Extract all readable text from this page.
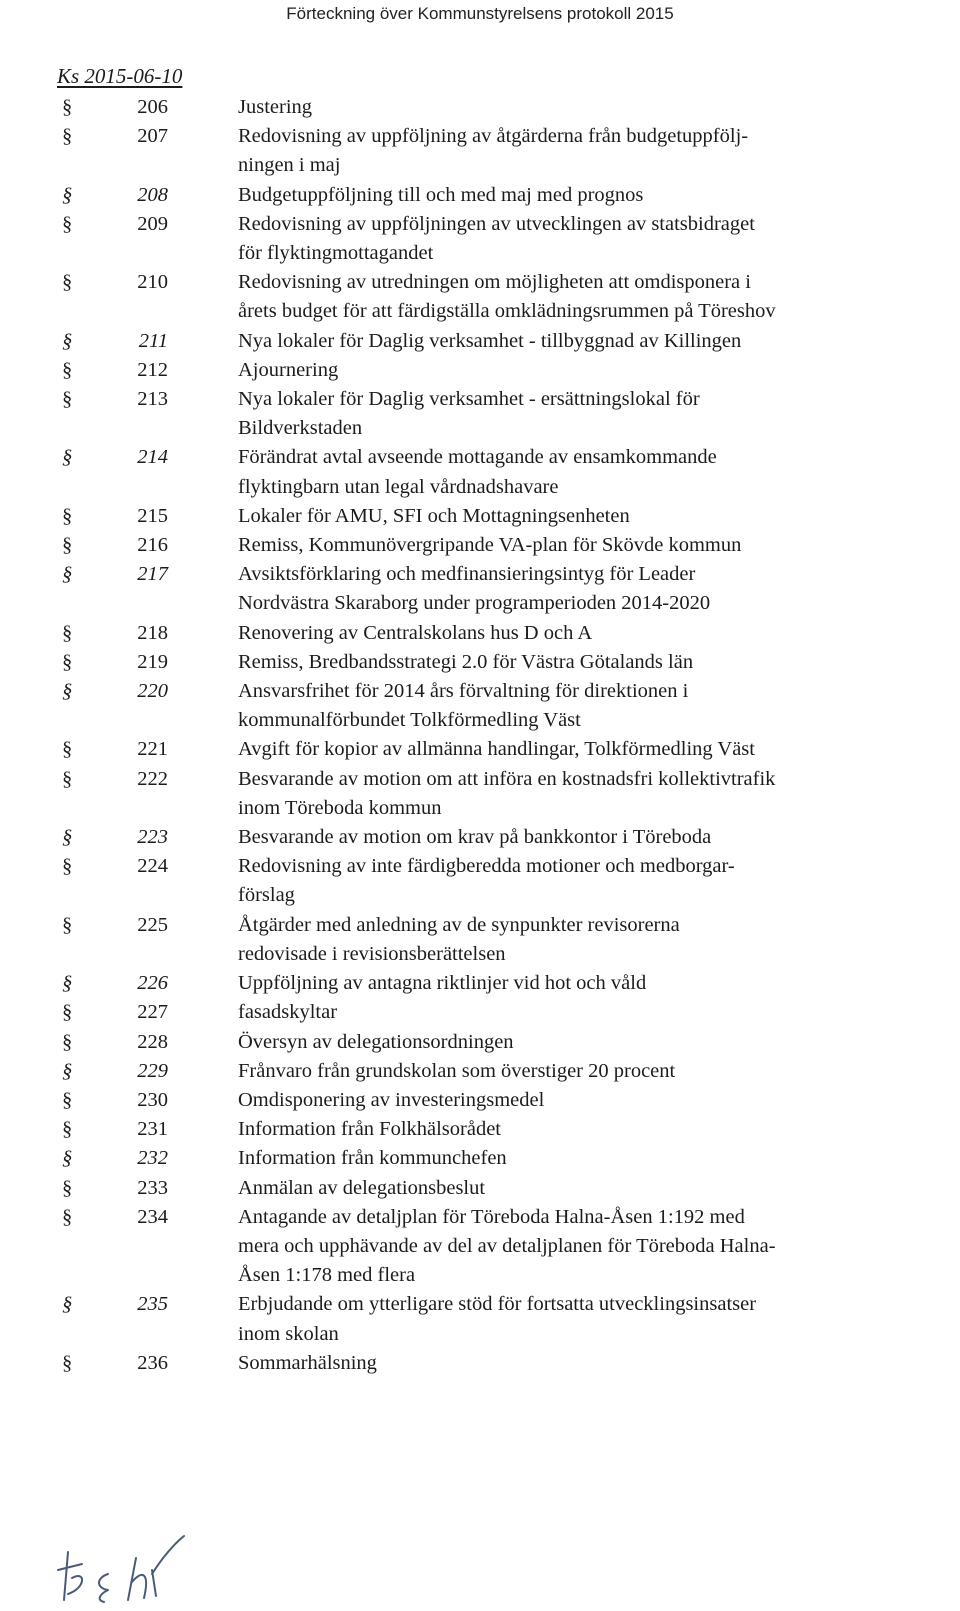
Förteckning över Kommunstyrelsens protokoll 2015
Ks 2015-06-10
§	206	Justering
§	207	Redovisning av uppföljning av åtgärderna från budgetuppfölj-
ningen i maj
§	208	Budgetuppföljning till och med maj med prognos
§	209	Redovisning av uppföljningen av utvecklingen av statsbidraget
för flyktingmottagandet
§	210	Redovisning av utredningen om möjligheten att omdisponera i
årets budget för att färdigställa omklädningsrummen på Töreshov
§	211	Nya lokaler för Daglig verksamhet - tillbyggnad av Killingen
§	212	Ajournering
§	213	Nya lokaler för Daglig verksamhet - ersättningslokal för
Bildverkstaden
§	214	Förändrat avtal avseende mottagande av ensamkommande
flyktingbarn utan legal vårdnadshavare
§	215	Lokaler för AMU, SFI och Mottagningsenheten
§	216	Remiss, Kommunövergripande VA-plan för Skövde kommun
§	217	Avsiktsförklaring och medfinansieringsintyg för Leader
Nordvästra Skaraborg under programperioden 2014-2020
§	218	Renovering av Centralskolans hus D och A
§	219	Remiss, Bredbandsstrategi 2.0 för Västra Götalands län
§	220	Ansvarsfrihet för 2014 års förvaltning för direktionen i
kommunalförbundet Tolkförmedling Väst
§	221	Avgift för kopior av allmänna handlingar, Tolkförmedling Väst
§	222	Besvarande av motion om att införa en kostnadsfri kollektivtrafik
inom Töreboda kommun
§	223	Besvarande av motion om krav på bankkontor i Töreboda
§	224	Redovisning av inte färdigberedda motioner och medborgar-
förslag
§	225	Åtgärder med anledning av de synpunkter revisorerna
redovisade i revisionsberättelsen
§	226	Uppföljning av antagna riktlinjer vid hot och våld
§	227	fasadskyltar
§	228	Översyn av delegationsordningen
§	229	Frånvaro från grundskolan som överstiger 20 procent
§	230	Omdisponering av investeringsmedel
§	231	Information från Folkhälsorådet
§	232	Information från kommunchefen
§	233	Anmälan av delegationsbeslut
§	234	Antagande av detaljplan för Töreboda Halna-Åsen 1:192 med
mera och upphävande av del av detaljplanen för Töreboda Halna-
Åsen 1:178 med flera
§	235	Erbjudande om ytterligare stöd för fortsatta utvecklingsinsatser
inom skolan
§	236	Sommarhälsning
